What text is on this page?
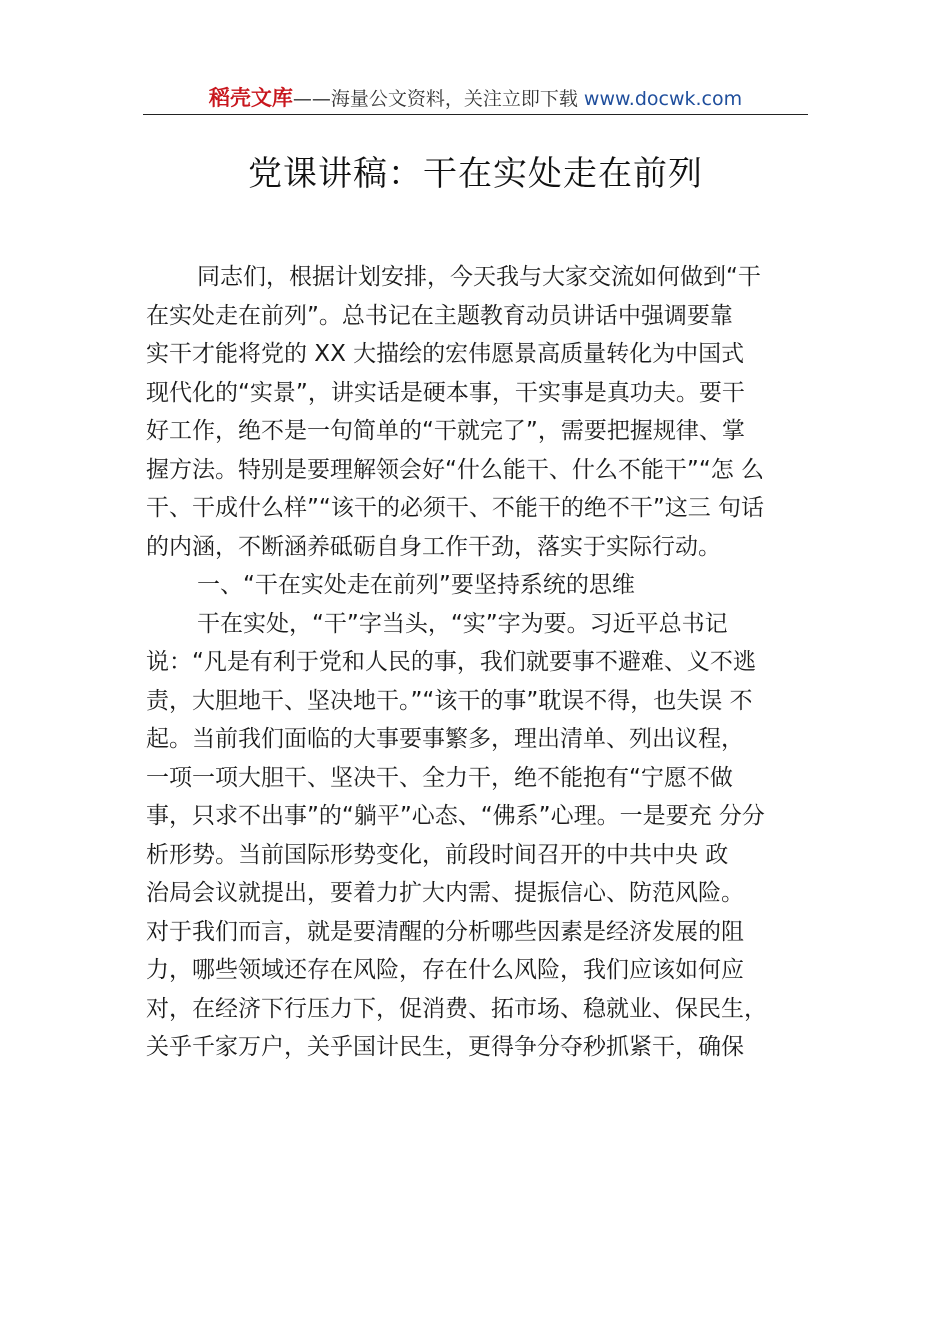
稻壳文库——海量公文资料，关注立即下载 www.docwk.com
党课讲稿：干在实处走在前列
同志们，根据计划安排，今天我与大家交流如何做到“干
在实处走在前列”。总书记在主题教育动员讲话中强调要靠
实干才能将党的 XX 大描绘的宏伟愿景高质量转化为中国式
现代化的“实景”，讲实话是硬本事，干实事是真功夫。要干
好工作，绝不是一句简单的“干就完了”，需要把握规律、掌
握方法。特别是要理解领会好“什么能干、什么不能干”“怎 么
干、干成什么样”“该干的必须干、不能干的绝不干”这三 句话
的内涵，不断涵养砥砺自身工作干劲，落实于实际行动。
一、“干在实处走在前列”要坚持系统的思维
干在实处，“干”字当头，“实”字为要。习近平总书记
说：“凡是有利于党和人民的事，我们就要事不避难、义不逃
责，大胆地干、坚决地干。”“该干的事”耽误不得，也失误 不
起。当前我们面临的大事要事繁多，理出清单、列出议程，
一项一项大胆干、坚决干、全力干，绝不能抱有“宁愿不做
事，只求不出事”的“躺平”心态、“佛系”心理。一是要充 分分
析形势。当前国际形势变化，前段时间召开的中共中央 政
治局会议就提出，要着力扩大内需、提振信心、防范风险。
对于我们而言，就是要清醒的分析哪些因素是经济发展的阻
力，哪些领域还存在风险，存在什么风险，我们应该如何应
对，在经济下行压力下，促消费、拓市场、稳就业、保民生，
关乎千家万户，关乎国计民生，更得争分夺秒抓紧干，确保
